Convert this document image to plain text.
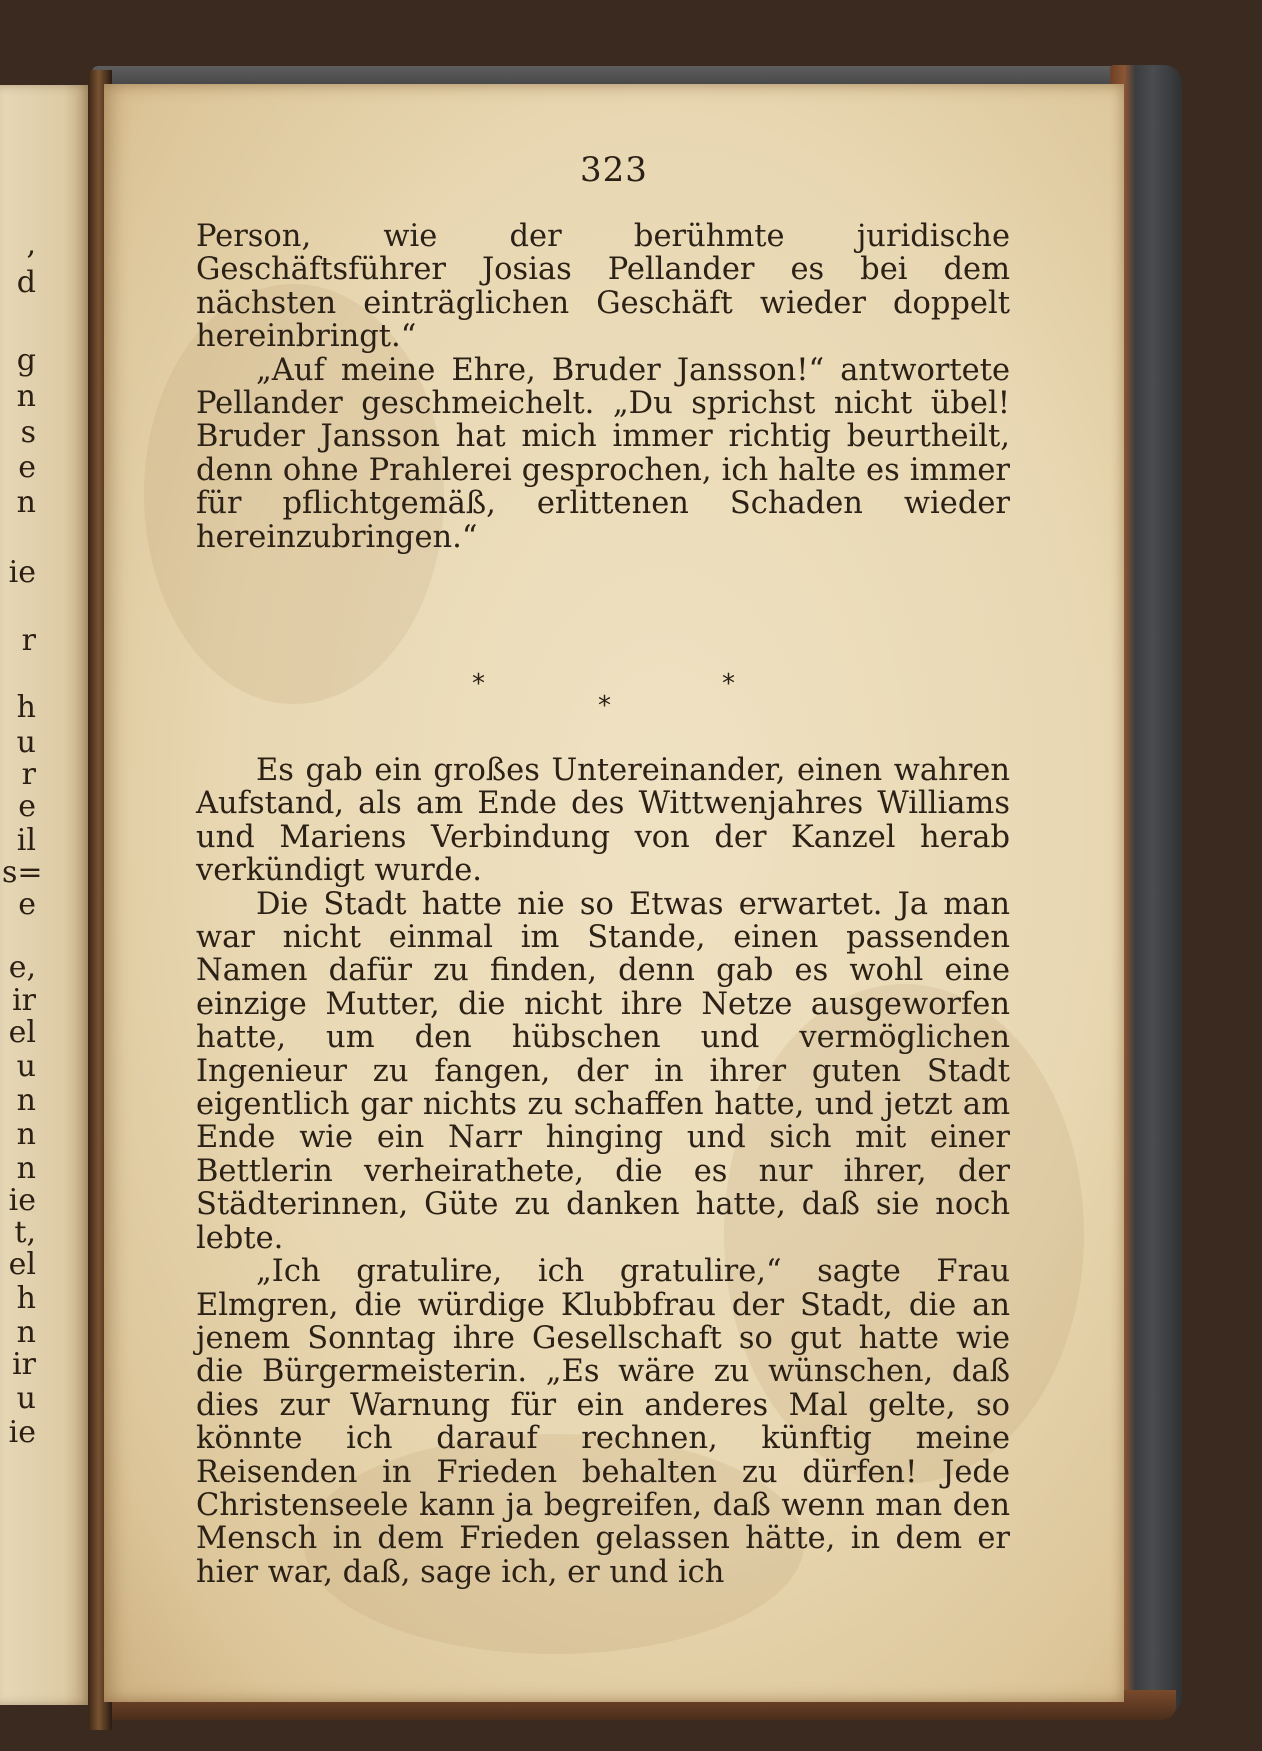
,
d
g
n
s
e
n
ie
r
h
u
r
e
il
s=
e
e,
ir
el
u
n
n
n
ie
t,
el
h
n
ir
u
ie
323

Person, wie der berühmte juridische Geschäftsführer Josias Pellander es bei dem nächsten einträglichen Geschäft wieder doppelt hereinbringt.“

„Auf meine Ehre, Bruder Jansson!“ antwortete Pellander geschmeichelt. „Du sprichst nicht übel! Bruder Jansson hat mich immer richtig beurtheilt, denn ohne Prahlerei gesprochen, ich halte es immer für pflichtgemäß, erlittenen Schaden wieder hereinzubringen.“

*
*
*

Es gab ein großes Untereinander, einen wahren Aufstand, als am Ende des Wittwenjahres Williams und Mariens Verbindung von der Kanzel herab verkündigt wurde.

Die Stadt hatte nie so Etwas erwartet. Ja man war nicht einmal im Stande, einen passenden Namen dafür zu finden, denn gab es wohl eine einzige Mutter, die nicht ihre Netze ausgeworfen hatte, um den hübschen und vermöglichen Ingenieur zu fangen, der in ihrer guten Stadt eigentlich gar nichts zu schaffen hatte, und jetzt am Ende wie ein Narr hinging und sich mit einer Bettlerin verheirathete, die es nur ihrer, der Städterinnen, Güte zu danken hatte, daß sie noch lebte.

„Ich gratulire, ich gratulire,“ sagte Frau Elmgren, die würdige Klubbfrau der Stadt, die an jenem Sonntag ihre Gesellschaft so gut hatte wie die Bürgermeisterin. „Es wäre zu wünschen, daß dies zur Warnung für ein anderes Mal gelte, so könnte ich darauf rechnen, künftig meine Reisenden in Frieden behalten zu dürfen! Jede Christenseele kann ja begreifen, daß wenn man den Mensch in dem Frieden gelassen hätte, in dem er hier war, daß, sage ich, er und ich
